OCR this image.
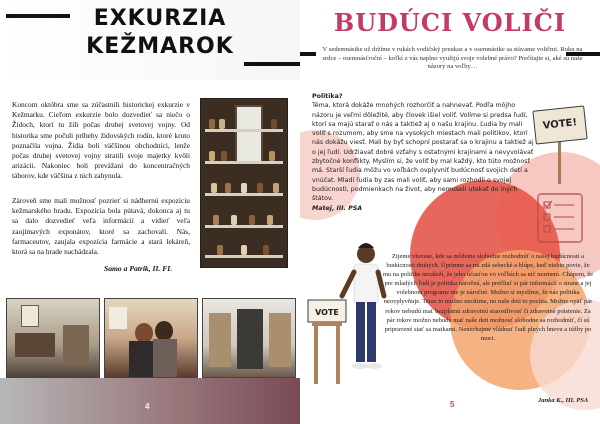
EXKURZIA
KEŽMAROK
Koncom októbra sme sa zúčastnili historickej exkurzie v Kežmarku. Cieľom exkurzie bolo dozvedieť sa niečo o Židoch, ktorí tu žili počas druhej svetovej vojny. Od historika sme počuli príbehy židovských rodín, ktoré kruto poznačila vojna. Židia boli väčšinou obchodníci, lenže počas druhej svetovej vojny stratili svoje majetky kvôli arizácii. Nakoniec boli prevážaní do koncentračných táborov, kde väčšina z nich zahynula.
Zároveň sme mali možnosť pozrieť si nádhernú expozíciu kežmarského hradu. Expozícia bola pútavá, dokonca aj tu sa dalo dozvedieť veľa informácií a vidieť veľa zaujímavých exponátov, ktoré sa zachovali. Nás, farmaceutov, zaujala expozícia farmácie a stará lekáreň, ktorá sa na hrade nachádzala.
Samo a Patrik, II. FL
4
BUDÚCI VOLIČI
V sedemnástke už držíme v rukách vodičský preukaz a v osemnástke sa stávame voličmi. Ruku na srdce – osemnásťroční – koľkí z vás naplno využijú svoje volebné právo? Prečítajte si, aké sú naše názory na voľby…
Politika?
Téma, ktorá dokáže mnohých rozhorčiť a nahnevať. Podľa môjho názoru je veľmi dôležité, aby človek išiel voliť. Volíme si predsa ľudí, ktorí sa majú starať o nás a taktiež aj o našu krajinu. Ľudia by mali voliť s rozumom, aby sme na vysokých miestach mali politikov, ktorí nás dokážu viesť. Mali by byť schopní postarať sa o krajinu a taktiež aj o jej ľudí. Udržiavať dobré vzťahy s ostatnými krajinami a nevyvolávať zbytočné konflikty. Myslím si, že voliť by mal každý, kto túto možnosť má. Starší ľudia môžu vo voľbách ovplyvniť budúcnosť svojich detí a vnúčat. Mladí ľudia by zas mali voliť, aby sami rozhodli o svojej budúcnosti, podmienkach na život, aby nemuseli utekať do iných štátov.
Matej, III. PSA
VOTE!
VOTE
Zijeme vluxuse, kde sa môžeme slobodne rozhodnúť o našej budúcnosti a budúcnosti druhých. Úprimne sa mi zdá sebecké a hlúpe, keď niekto povie, že mu na politike nezáleží, že jeho účasťou vo voľbách sa nič nezmení. Chápem, že pre mladých ľudí je politika náročná, ale prečítať si pár informácií o strane a jej volebnom programe nie je náročné. Možno si myslíme, že nás politika neovplyvňuje. Teraz to možno necítime, no naše deti to pocítia. Možno opäť pár rokov nebudú mať bezplatnú zdravotnú starostlivosť či zdravotné poistenie. Za pár rokov možno nebudú mať naše deti možnosť slobodne sa rozhodnúť, čí sú pripravené stať sa matkami. Nenechajme vládnuť ľudí plných hnevu a túžby po moci.
Janka K., III. PSA
5
